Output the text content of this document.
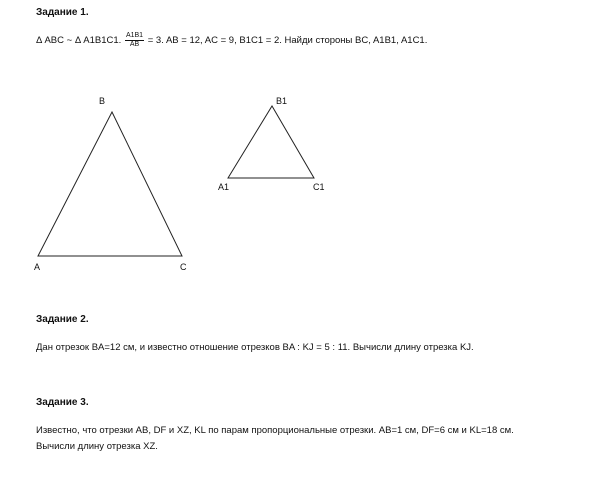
Задание 1.
Δ ABC ~ Δ A1B1C1. $\frac{A1B1}{AB} = 3$. AB = 12, AC = 9, B1C1 = 2. Найди стороны BC, A1B1, A1C1.
B
A	C
B1
A1	C1
Задание 2.
Дан отрезок BA=12 см, и известно отношение отрезков BA : KJ = 5 : 11. Вычисли длину отрезка KJ.
Задание 3.
Известно, что отрезки AB, DF и XZ, KL по парам пропорциональные отрезки. AB=1 см, DF=6 см и KL=18 см.
Вычисли длину отрезка XZ.
